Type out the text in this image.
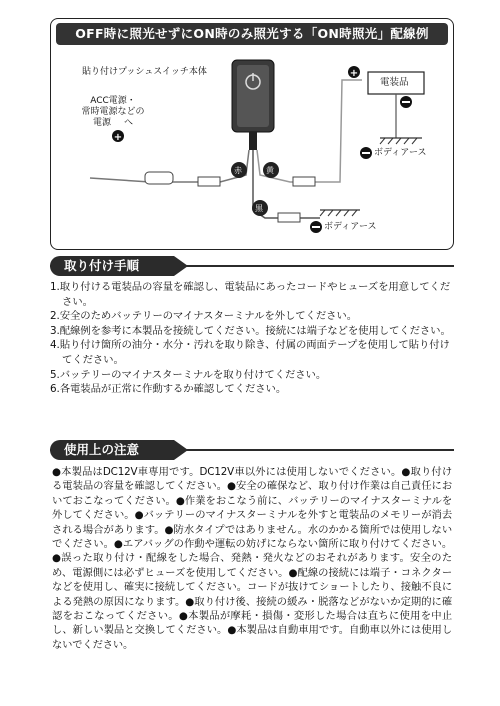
OFF時に照光せずにON時のみ照光する「ON時照光」配線例
+
+
貼り付けプッシュスイッチ本体
ACC電源・
常時電源などの
電源 へ
電装品
ボディアース
ボディアース
赤	黄
黒
取り付け手順
1.取り付ける電装品の容量を確認し、電装品にあったコードやヒューズを用意してください。
2.安全のためバッテリーのマイナスターミナルを外してください。
3.配線例を参考に本製品を接続してください。接続には端子などを使用してください。
4.貼り付け箇所の油分・水分・汚れを取り除き、付属の両面テープを使用して貼り付けてください。
5.バッテリーのマイナスターミナルを取り付けてください。
6.各電装品が正常に作動するか確認してください。
使用上の注意
●本製品はDC12V車専用です。DC12V車以外には使用しないでください。●取り付ける電装品の容量を確認してください。●安全の確保など、取り付け作業は自己責任においておこなってください。●作業をおこなう前に、バッテリーのマイナスターミナルを外してください。●バッテリーのマイナスターミナルを外すと電装品のメモリーが消去される場合があります。●防水タイプではありません。水のかかる箇所では使用しないでください。●エアバッグの作動や運転の妨げにならない箇所に取り付けてください。●誤った取り付け・配線をした場合、発熱・発火などのおそれがあります。安全のため、電源側には必ずヒューズを使用してください。●配線の接続には端子・コネクターなどを使用し、確実に接続してください。コードが抜けてショートしたり、接触不良による発熱の原因になります。●取り付け後、接続の緩み・脱落などがないか定期的に確認をおこなってください。●本製品が摩耗・損傷・変形した場合は直ちに使用を中止し、新しい製品と交換してください。●本製品は自動車用です。自動車以外には使用しないでください。
